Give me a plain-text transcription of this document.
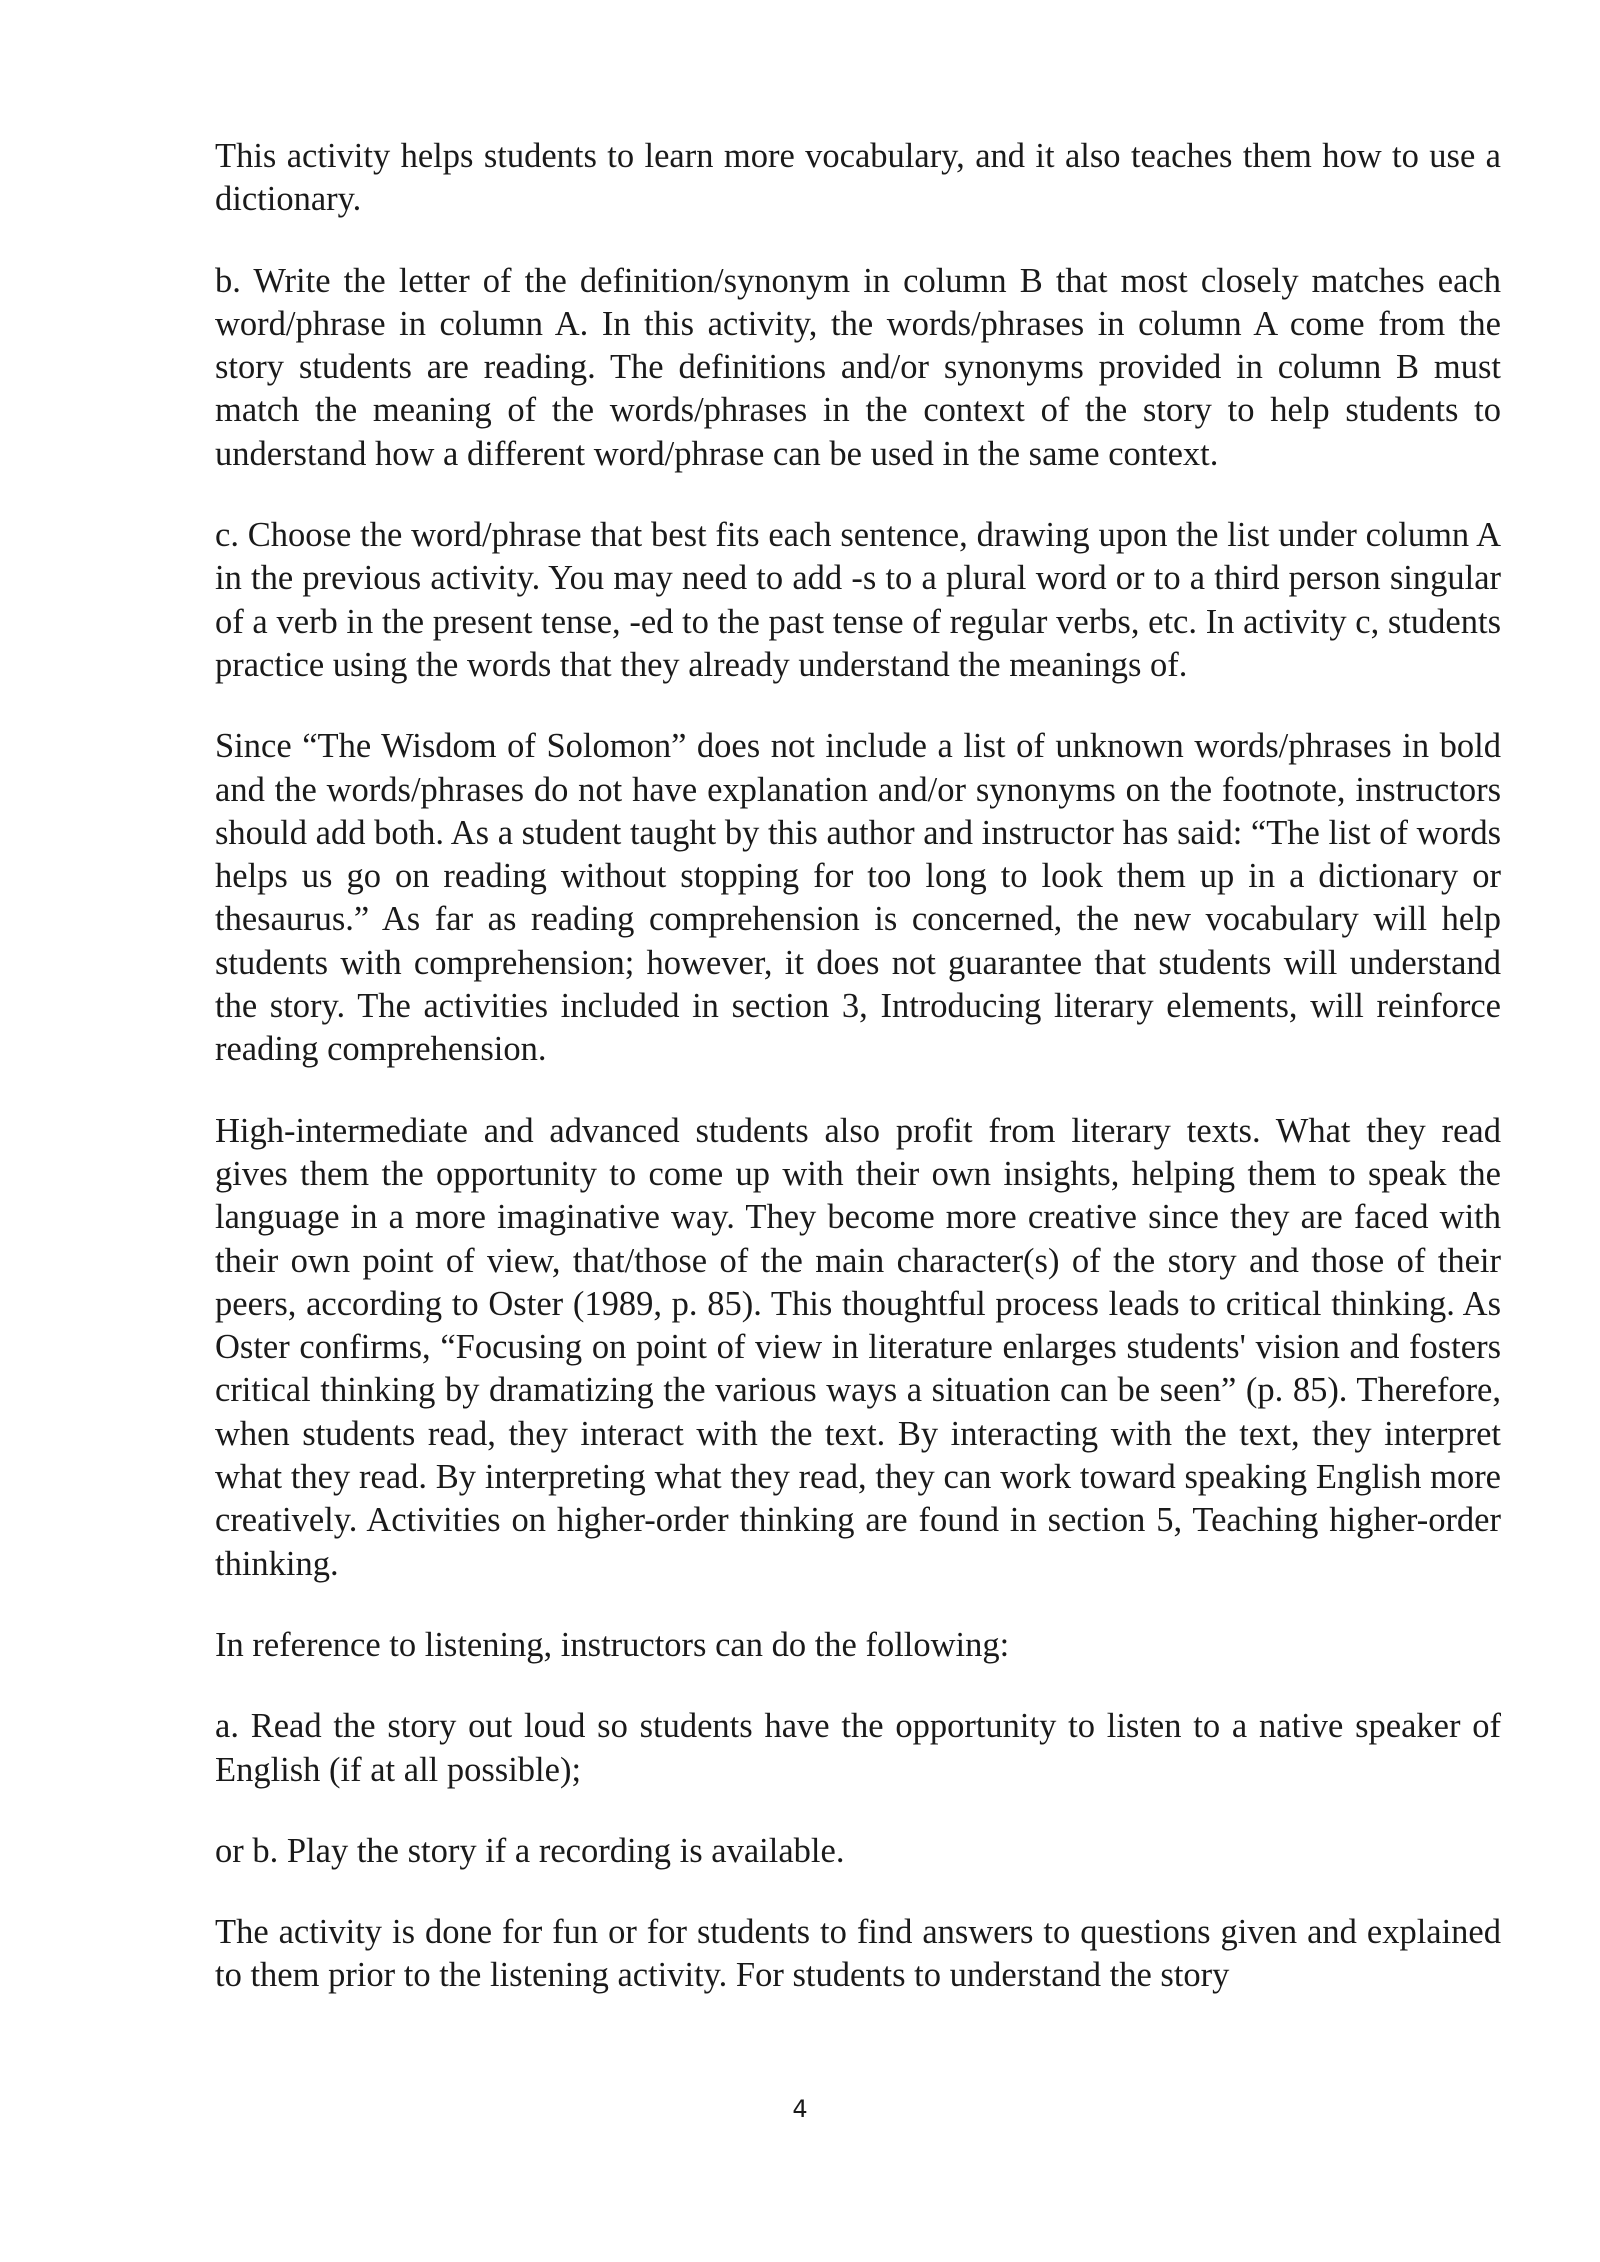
This activity helps students to learn more vocabulary, and it also teaches them how to use a dictionary.

b. Write the letter of the definition/synonym in column B that most closely matches each word/phrase in column A. In this activity, the words/phrases in column A come from the story students are reading. The definitions and/or synonyms provided in column B must match the meaning of the words/phrases in the context of the story to help students to understand how a different word/phrase can be used in the same context.

c. Choose the word/phrase that best fits each sentence, drawing upon the list under column A in the previous activity. You may need to add -s to a plural word or to a third person singular of a verb in the present tense, -ed to the past tense of regular verbs, etc. In activity c, students practice using the words that they already understand the meanings of.

Since “The Wisdom of Solomon” does not include a list of unknown words/phrases in bold and the words/phrases do not have explanation and/or synonyms on the footnote, instructors should add both. As a student taught by this author and instructor has said: “The list of words helps us go on reading without stopping for too long to look them up in a dictionary or thesaurus.” As far as reading comprehension is concerned, the new vocabulary will help students with comprehension; however, it does not guarantee that students will understand the story. The activities included in section 3, Introducing literary elements, will reinforce reading comprehension.

High-intermediate and advanced students also profit from literary texts. What they read gives them the opportunity to come up with their own insights, helping them to speak the language in a more imaginative way. They become more creative since they are faced with their own point of view, that/those of the main character(s) of the story and those of their peers, according to Oster (1989, p. 85). This thoughtful process leads to critical thinking. As Oster confirms, “Focusing on point of view in literature enlarges students' vision and fosters critical thinking by dramatizing the various ways a situation can be seen” (p. 85). Therefore, when students read, they interact with the text. By interacting with the text, they interpret what they read. By interpreting what they read, they can work toward speaking English more creatively. Activities on higher-order thinking are found in section 5, Teaching higher-order thinking.

In reference to listening, instructors can do the following:

a. Read the story out loud so students have the opportunity to listen to a native speaker of English (if at all possible);

or b. Play the story if a recording is available.

The activity is done for fun or for students to find answers to questions given and explained to them prior to the listening activity. For students to understand the story

4
